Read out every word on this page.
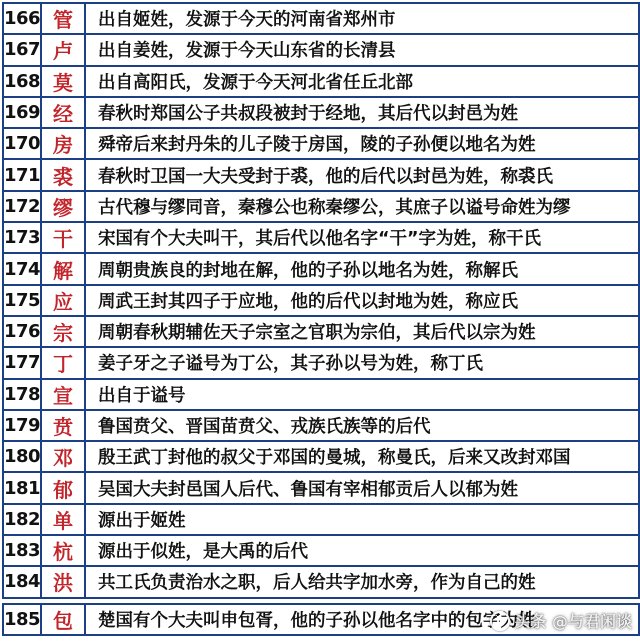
166 管	出自姬姓，发源于今天的河南省郑州市
167 卢	出自姜姓，发源于今天山东省的长清县
168 莫	出自高阳氏，发源于今天河北省任丘北部
169 经	春秋时郑国公子共叔段被封于经地，其后代以封邑为姓
170 房	舜帝后来封丹朱的儿子陵于房国，陵的子孙便以地名为姓
171 裘	春秋时卫国一大夫受封于裘，他的后代以封邑为姓，称裘氏
172 缪	古代穆与缪同音，秦穆公也称秦缪公，其庶子以谥号命姓为缪
173 干	宋国有个大夫叫干，其后代以他名字“干”字为姓，称干氏
174 解	周朝贵族良的封地在解，他的子孙以地名为姓，称解氏
175 应	周武王封其四子于应地，他的后代以封地为姓，称应氏
176 宗	周朝春秋期辅佐天子宗室之官职为宗伯，其后代以宗为姓
177 丁	姜子牙之子谥号为丁公，其子孙以号为姓，称丁氏
178 宣	出自于谥号
179 贲	鲁国贲父、晋国苗贲父、戎族氏族等的后代
180 邓	殷王武丁封他的叔父于邓国的曼城，称曼氏，后来又改封邓国
181 郁	吴国大夫封邑国人后代、鲁国有宰相郁贡后人以郁为姓
182 单	源出于姬姓
183 杭	源出于似姓，是大禹的后代
184 洪	共工氏负责治水之职，后人给共字加水旁，作为自己的姓
185 包	楚国有个大夫叫申包胥，他的子孙以他名字中的包字为姓
头条 @与君闲谈
